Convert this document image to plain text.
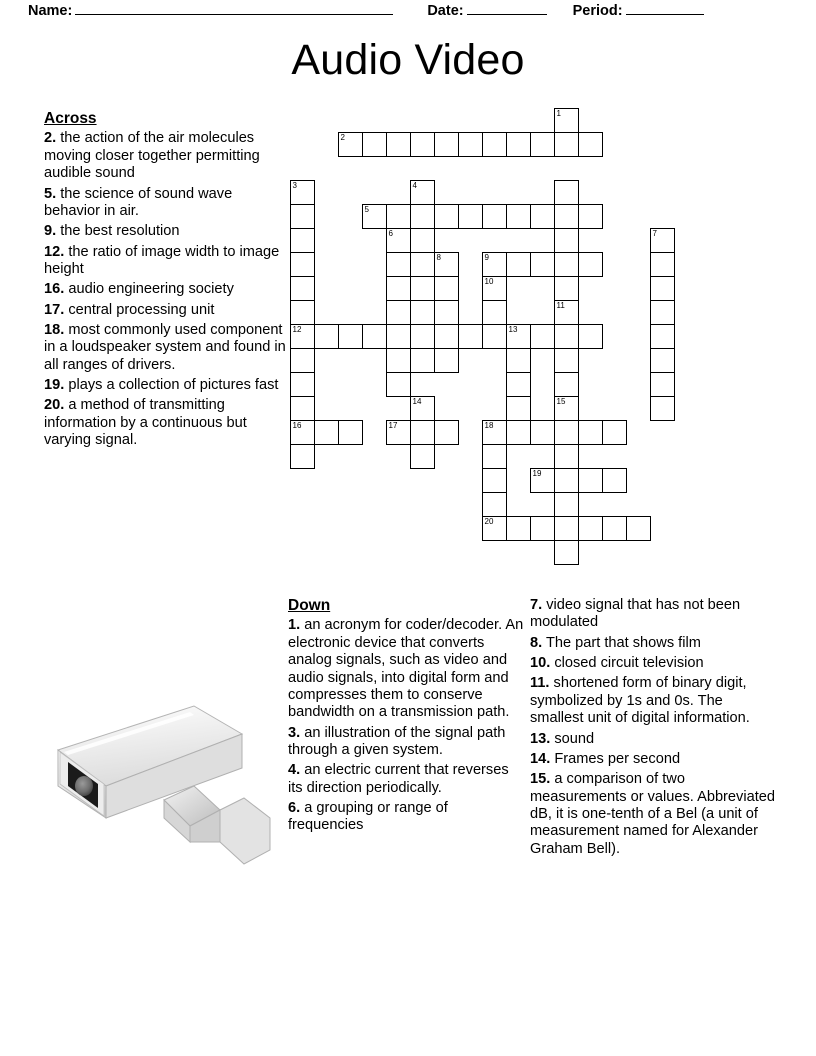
Name:	Date:	Period:
Audio Video
Across
2. the action of the air molecules moving closer together permitting audible sound
5. the science of sound wave behavior in air.
9. the best resolution
12. the ratio of image width to image height
16. audio engineering society
17. central processing unit
18. most commonly used component in a loudspeaker system and found in all ranges of drivers.
19. plays a collection of pictures fast
20. a method of transmitting information by a continuous but varying signal.
Down
1. an acronym for coder/decoder. An electronic device that converts analog signals, such as video and audio signals, into digital form and compresses them to conserve bandwidth on a transmission path.
3. an illustration of the signal path through a given system.
4. an electric current that reverses its direction periodically.
6. a grouping or range of frequencies
7. video signal that has not been modulated
8. The part that shows film
10. closed circuit television
11. shortened form of binary digit, symbolized by 1s and 0s. The smallest unit of digital information.
13. sound
14. Frames per second
15. a comparison of two measurements or values. Abbreviated dB, it is one-tenth of a Bel (a unit of measurement named for Alexander Graham Bell).
1
2
3	4
5
6	7
8	9
10
11
12	13
14	15
16	17	18
19
20
